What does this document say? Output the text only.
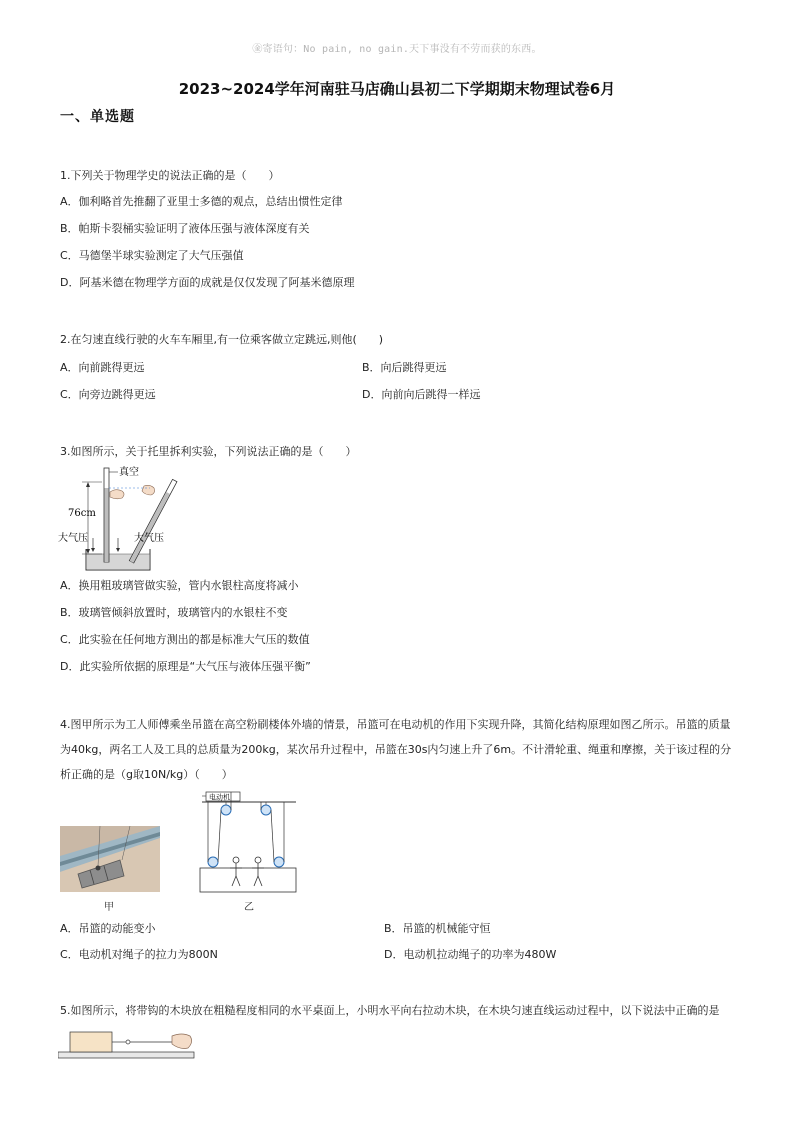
㊎寄语句：No pain, no gain.天下事没有不劳而获的东西。
2023~2024学年河南驻马店确山县初二下学期期末物理试卷6月
一、单选题
1.下列关于物理学史的说法正确的是（　　）
A．伽利略首先推翻了亚里士多德的观点，总结出惯性定律
B．帕斯卡裂桶实验证明了液体压强与液体深度有关
C．马德堡半球实验测定了大气压强值
D．阿基米德在物理学方面的成就是仅仅发现了阿基米德原理
2.在匀速直线行驶的火车车厢里,有一位乘客做立定跳远,则他(　　)
A．向前跳得更远	B．向后跳得更远
C．向旁边跳得更远	D．向前向后跳得一样远
3.如图所示，关于托里拆利实验，下列说法正确的是（　　）
真空
76cm
大气压	大气压
A．换用粗玻璃管做实验，管内水银柱高度将减小
B．玻璃管倾斜放置时，玻璃管内的水银柱不变
C．此实验在任何地方测出的都是标准大气压的数值
D．此实验所依据的原理是“大气压与液体压强平衡”
4.图甲所示为工人师傅乘坐吊篮在高空粉刷楼体外墙的情景，吊篮可在电动机的作用下实现升降，其简化结构原理如图乙所示。吊篮的质量
为40kg，两名工人及工具的总质量为200kg，某次吊升过程中，吊篮在30s内匀速上升了6m。不计滑轮重、绳重和摩擦，关于该过程的分
析正确的是（g取10N/kg）（　　）
甲
电动机
乙
A．吊篮的动能变小	B．吊篮的机械能守恒
C．电动机对绳子的拉力为800N	D．电动机拉动绳子的功率为480W
5.如图所示，将带钩的木块放在粗糙程度相同的水平桌面上，小明水平向右拉动木块，在木块匀速直线运动过程中，以下说法中正确的是
